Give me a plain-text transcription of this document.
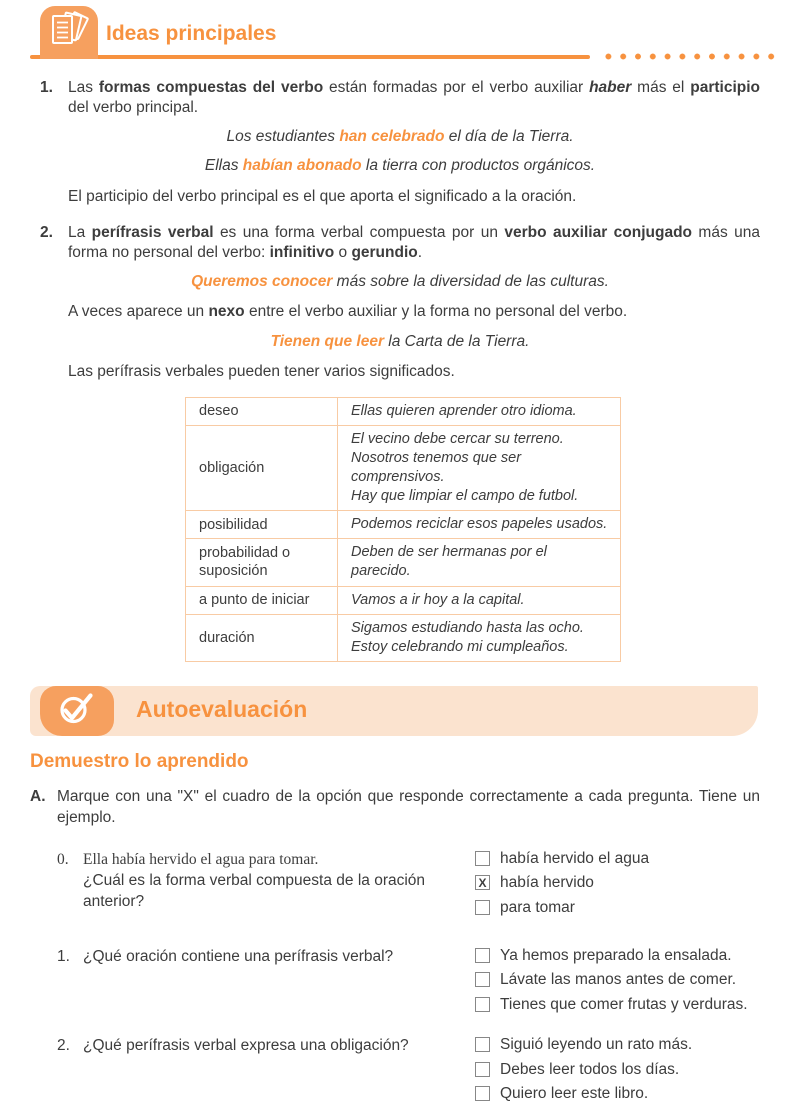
Ideas principales
1. Las formas compuestas del verbo están formadas por el verbo auxiliar haber más el participio del verbo principal.

Los estudiantes han celebrado el día de la Tierra.

Ellas habían abonado la tierra con productos orgánicos.

El participio del verbo principal es el que aporta el significado a la oración.

2. La perífrasis verbal es una forma verbal compuesta por un verbo auxiliar conjugado más una forma no personal del verbo: infinitivo o gerundio.

Queremos conocer más sobre la diversidad de las culturas.

A veces aparece un nexo entre el verbo auxiliar y la forma no personal del verbo.

Tienen que leer la Carta de la Tierra.

Las perífrasis verbales pueden tener varios significados.

deseo	Ellas quieren aprender otro idioma.

obligación	El vecino debe cercar su terreno.
Nosotros tenemos que ser comprensivos.
Hay que limpiar el campo de futbol.

posibilidad	Podemos reciclar esos papeles usados.

probabilidad o suposición	Deben de ser hermanas por el parecido.

a punto de iniciar	Vamos a ir hoy a la capital.

duración	Sigamos estudiando hasta las ocho.
Estoy celebrando mi cumpleaños.
Autoevaluación
Demuestro lo aprendido
A. Marque con una "X" el cuadro de la opción que responde correctamente a cada pregunta. Tiene un ejemplo.
0. Ella había hervido el agua para tomar.
¿Cuál es la forma verbal compuesta de la oración anterior?
había hervido el agua
X había hervido
para tomar
1. ¿Qué oración contiene una perífrasis verbal?	Ya hemos preparado la ensalada.
Lávate las manos antes de comer.
Tienes que comer frutas y verduras.
2. ¿Qué perífrasis verbal expresa una obligación?	Siguió leyendo un rato más.
Debes leer todos los días.
Quiero leer este libro.
